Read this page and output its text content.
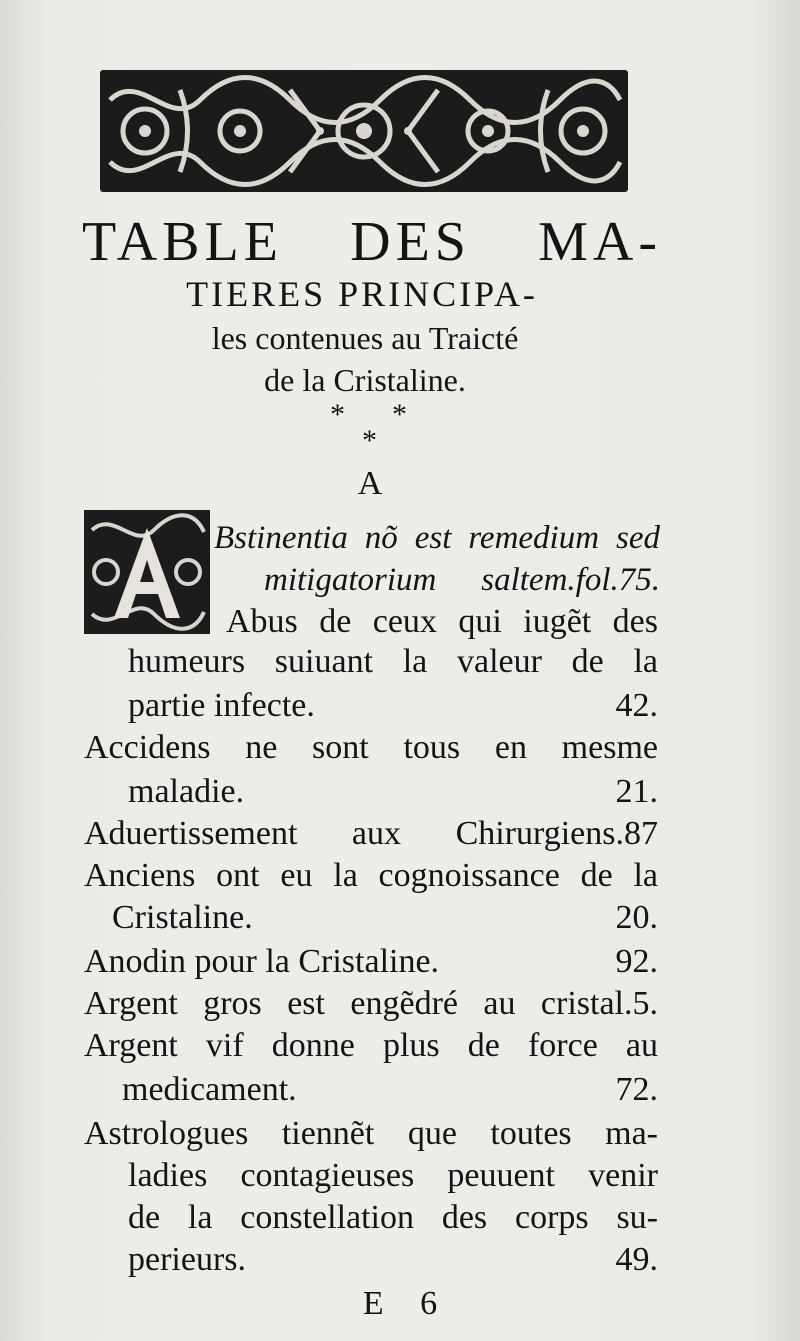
TABLE DES MA-
TIERES PRINCIPA-
les contenues au Traicté
de la Cristaline.
* *
*
A
Bstinentia nõ est remedium sed
mitigatorium saltem.fol.75.
Abus de ceux qui iugẽt des
humeurs suiuant la valeur de la
partie infecte.	42.
Accidens ne sont tous en mesme
maladie.	21.
Aduertissement aux Chirurgiens.87
Anciens ont eu la cognoissance de la
Cristaline.	20.
Anodin pour la Cristaline.	92.
Argent gros est engẽdré au cristal.5.
Argent vif donne plus de force au
medicament.	72.
Astrologues tiennẽt que toutes ma-
ladies contagieuses peuuent venir
de la constellation des corps su-
perieurs.	49.
E 6
